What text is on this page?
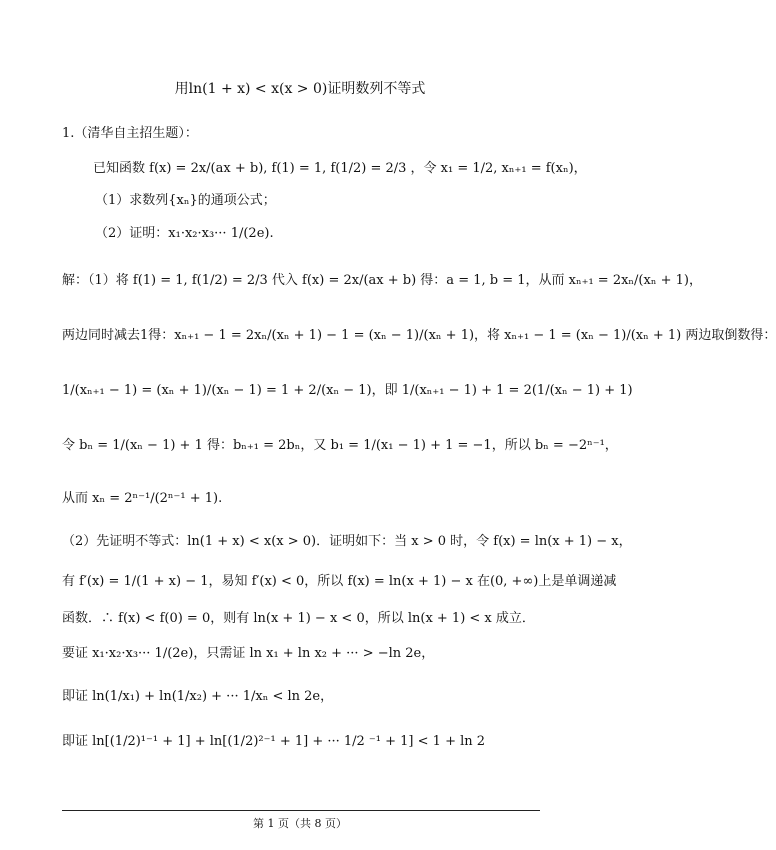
用ln(1 + x) < x(x > 0)证明数列不等式
1.（清华自主招生题）：
已知函数 f(x) = 2x/(ax + b), f(1) = 1, f(1/2) = 2/3 ，令 x₁ = 1/2, xₙ₊₁ = f(xₙ)，
（1）求数列{xₙ}的通项公式；
（2）证明：x₁·x₂·x₃··· 1/(2e).
解：（1）将 f(1) = 1, f(1/2) = 2/3 代入 f(x) = 2x/(ax + b) 得：a = 1, b = 1，从而 xₙ₊₁ = 2xₙ/(xₙ + 1)，
两边同时减去1得：xₙ₊₁ − 1 = 2xₙ/(xₙ + 1) − 1 = (xₙ − 1)/(xₙ + 1)，将 xₙ₊₁ − 1 = (xₙ − 1)/(xₙ + 1) 两边取倒数得：
1/(xₙ₊₁ − 1) = (xₙ + 1)/(xₙ − 1) = 1 + 2/(xₙ − 1)，即 1/(xₙ₊₁ − 1) + 1 = 2(1/(xₙ − 1) + 1)
令 bₙ = 1/(xₙ − 1) + 1 得：bₙ₊₁ = 2bₙ，又 b₁ = 1/(x₁ − 1) + 1 = −1，所以 bₙ = −2ⁿ⁻¹，
从而 xₙ = 2ⁿ⁻¹/(2ⁿ⁻¹ + 1).
（2）先证明不等式：ln(1 + x) < x(x > 0)．证明如下：当 x > 0 时，令 f(x) = ln(x + 1) − x，
有 f′(x) = 1/(1 + x) − 1，易知 f′(x) < 0，所以 f(x) = ln(x + 1) − x 在(0, +∞)上是单调递减
函数．∴ f(x) < f(0) = 0，则有 ln(x + 1) − x < 0，所以 ln(x + 1) < x 成立．
要证 x₁·x₂·x₃··· 1/(2e)，只需证 ln x₁ + ln x₂ + ··· > −ln 2e，
即证 ln(1/x₁) + ln(1/x₂) + ··· 1/xₙ < ln 2e，
即证 ln[(1/2)¹⁻¹ + 1] + ln[(1/2)²⁻¹ + 1] + ··· 1/2 ⁻¹ + 1] < 1 + ln 2
第 1 页（共 8 页）
